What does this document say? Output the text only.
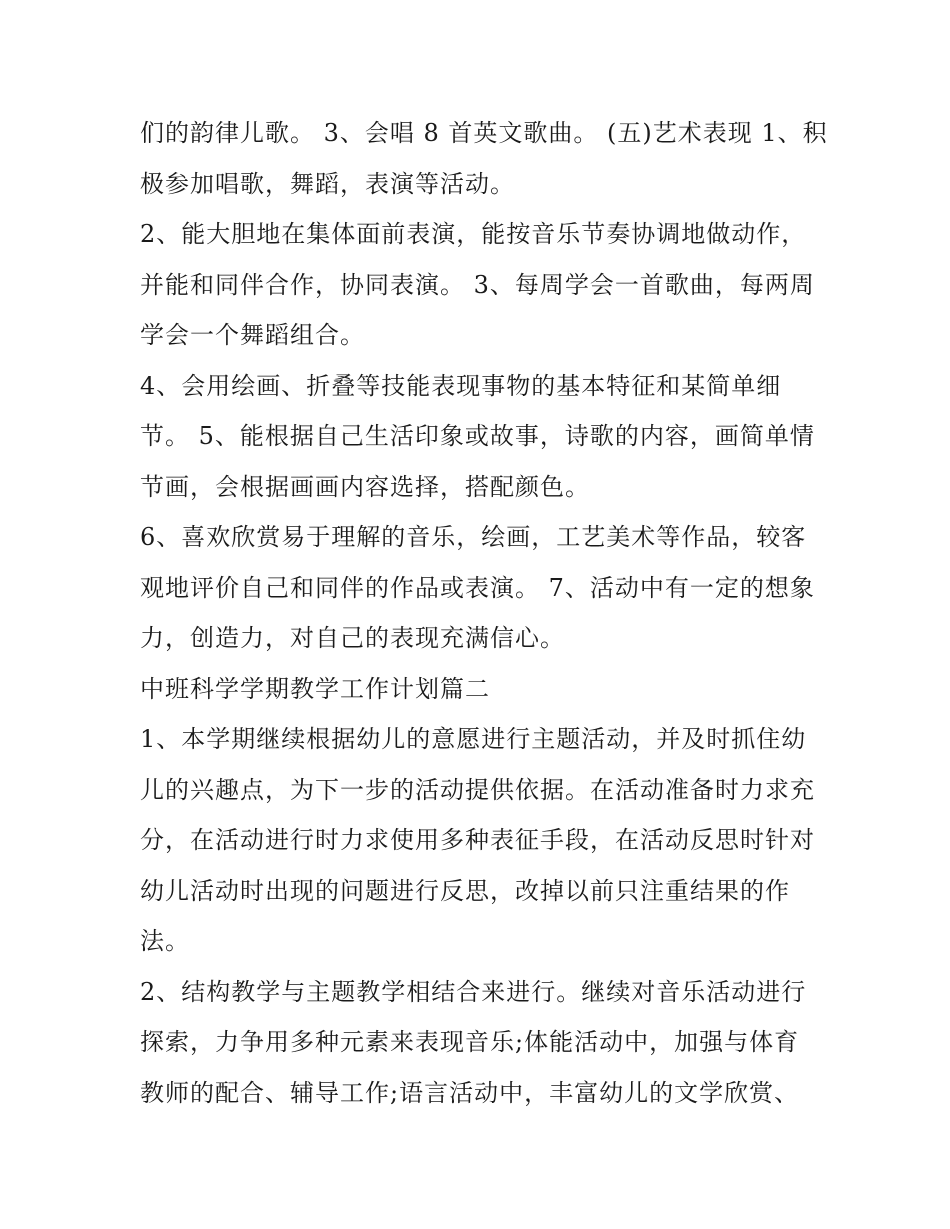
们的韵律儿歌。 3、会唱 8 首英文歌曲。 (五)艺术表现 1、积
极参加唱歌，舞蹈，表演等活动。
2、能大胆地在集体面前表演，能按音乐节奏协调地做动作，
并能和同伴合作，协同表演。 3、每周学会一首歌曲，每两周
学会一个舞蹈组合。
4、会用绘画、折叠等技能表现事物的基本特征和某简单细
节。 5、能根据自己生活印象或故事，诗歌的内容，画简单情
节画，会根据画画内容选择，搭配颜色。
6、喜欢欣赏易于理解的音乐，绘画，工艺美术等作品，较客
观地评价自己和同伴的作品或表演。 7、活动中有一定的想象
力，创造力，对自己的表现充满信心。
中班科学学期教学工作计划篇二
1、本学期继续根据幼儿的意愿进行主题活动，并及时抓住幼
儿的兴趣点，为下一步的活动提供依据。在活动准备时力求充
分，在活动进行时力求使用多种表征手段，在活动反思时针对
幼儿活动时出现的问题进行反思，改掉以前只注重结果的作
法。
2、结构教学与主题教学相结合来进行。继续对音乐活动进行
探索，力争用多种元素来表现音乐;体能活动中，加强与体育
教师的配合、辅导工作;语言活动中，丰富幼儿的文学欣赏、
